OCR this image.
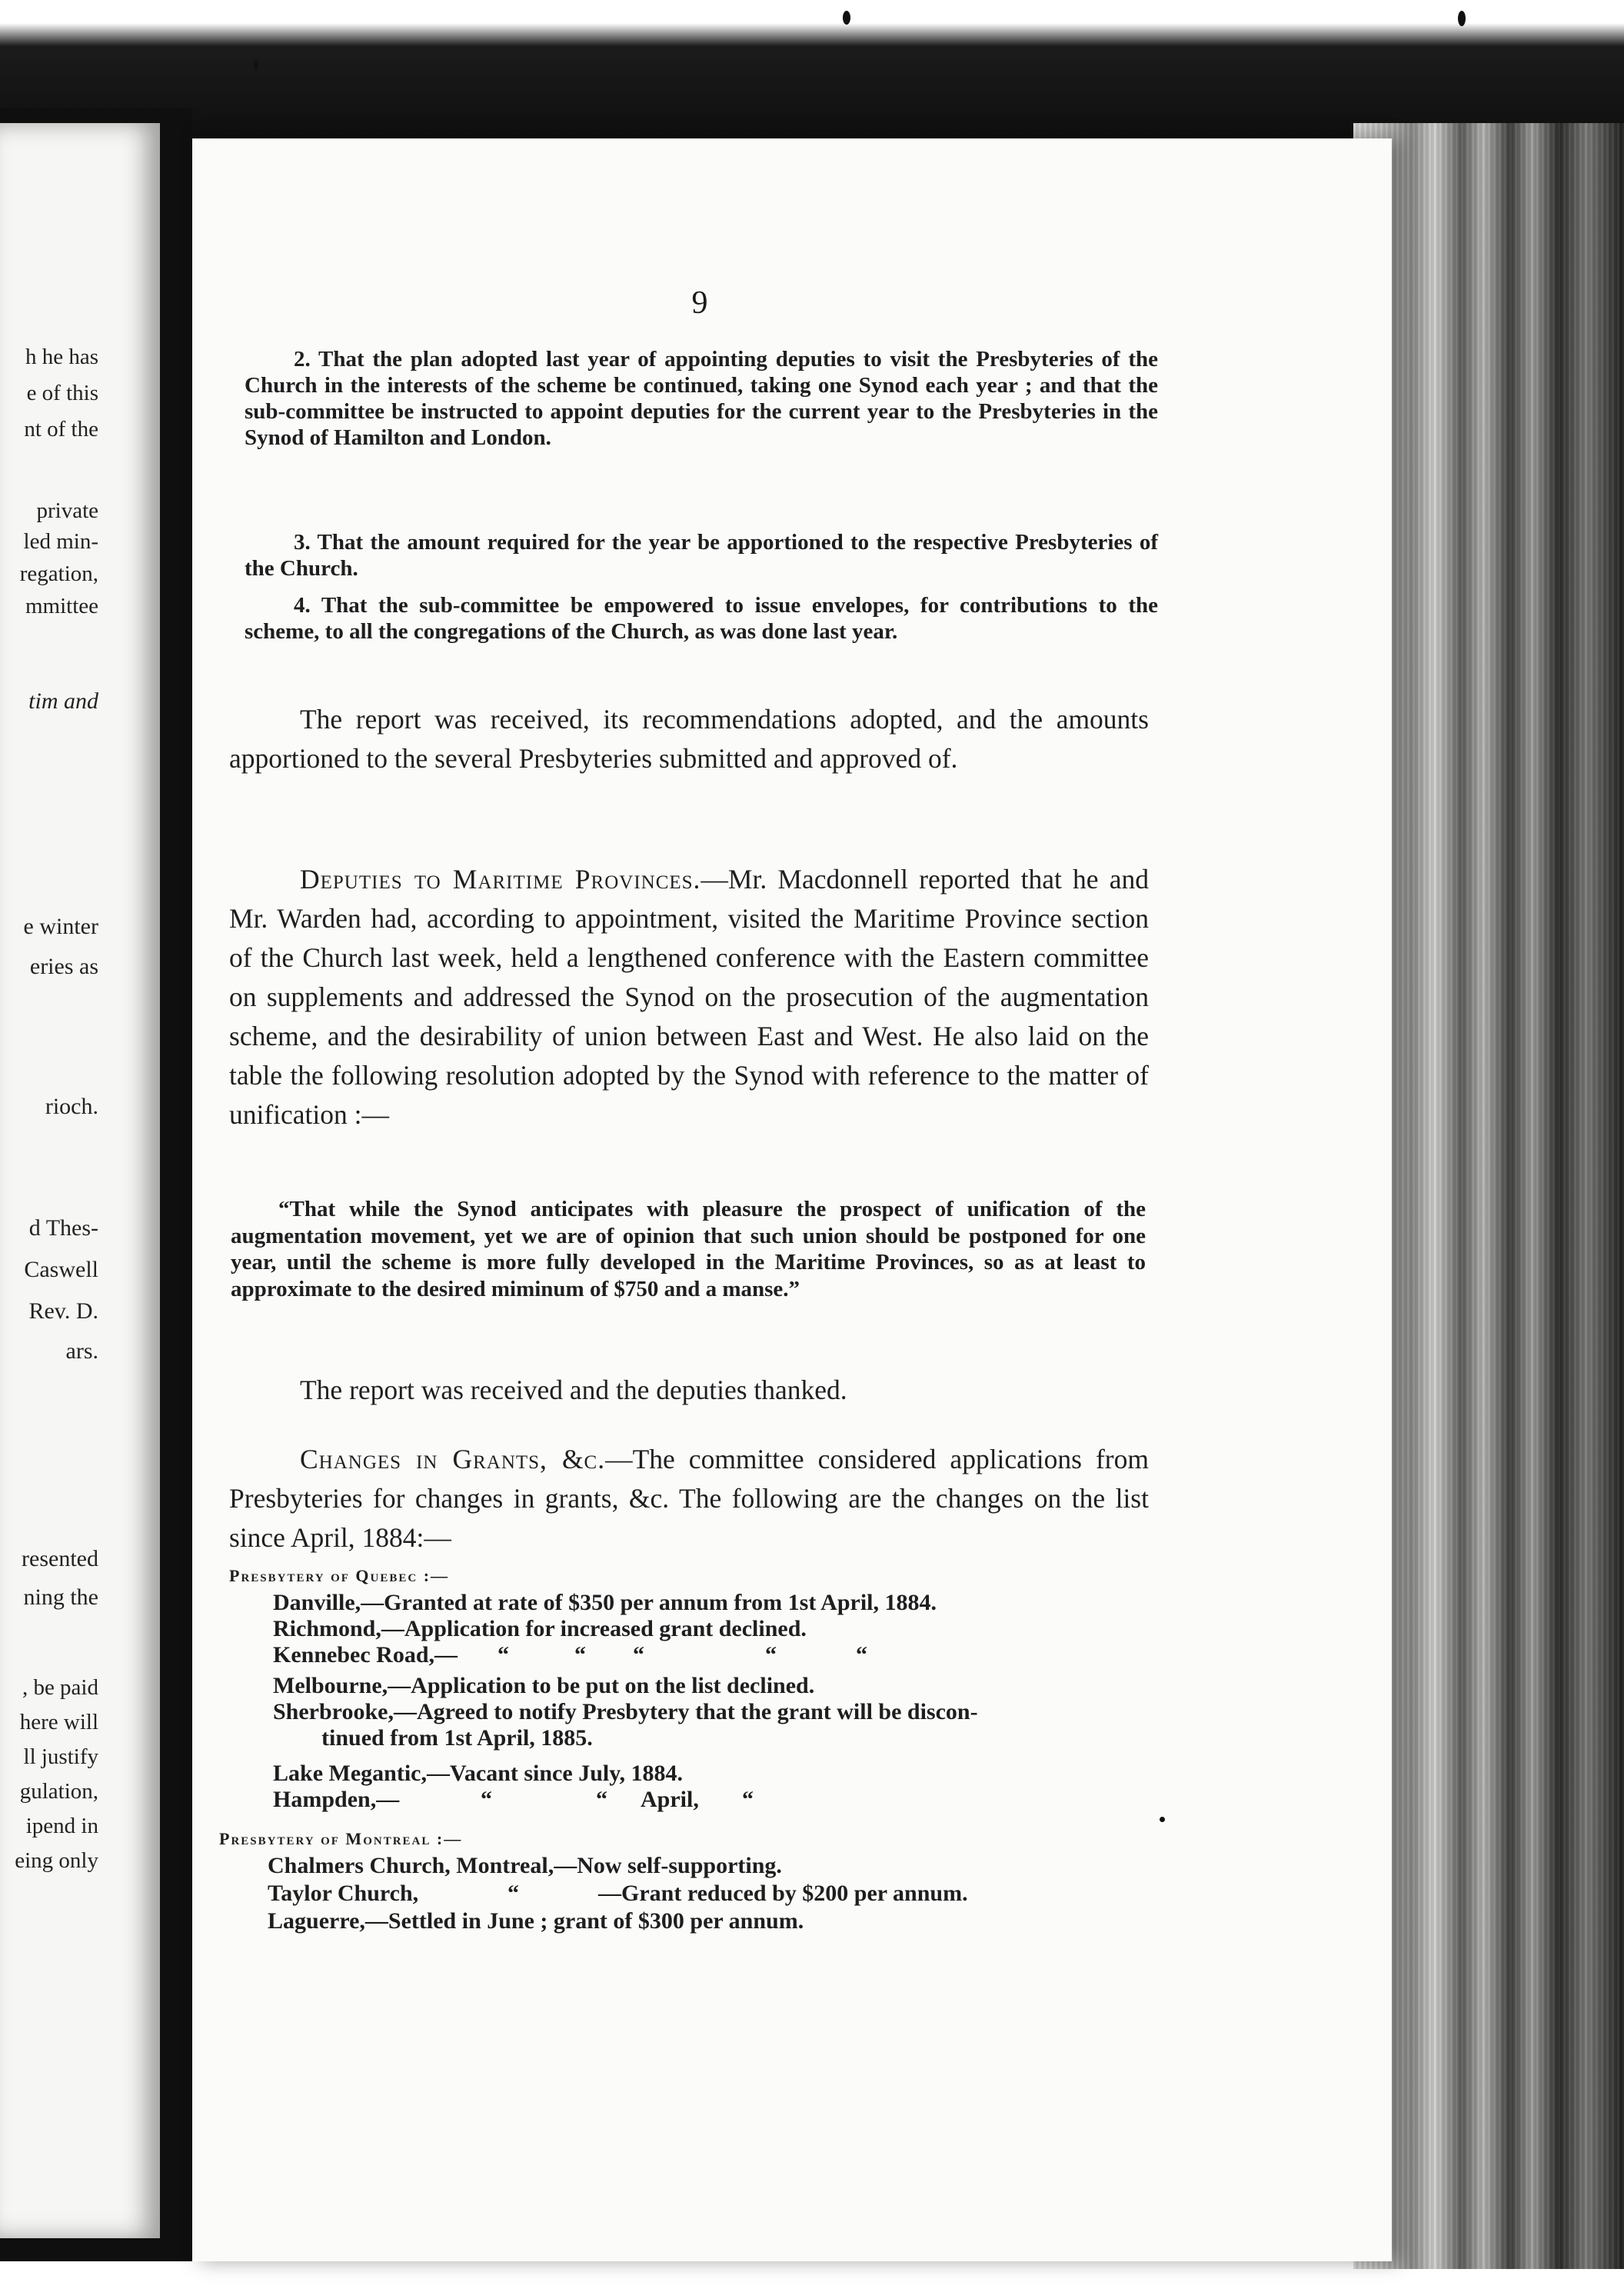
h he has
e of this
nt of the
private
led min-
regation,
mmittee
tim and
e winter
eries as
rioch.
d Thes-
Caswell
Rev. D.
ars.
resented
ning the
, be paid
here will
ll justify
gulation,
ipend in
eing only
9

2. That the plan adopted last year of appointing deputies to visit the Presbyteries of the Church in the interests of the scheme be continued, taking one Synod each year ; and that the sub-committee be instructed to appoint deputies for the current year to the Presbyteries in the Synod of Hamilton and London.

3. That the amount required for the year be apportioned to the respective Presbyteries of the Church.

4. That the sub-committee be empowered to issue envelopes, for contributions to the scheme, to all the congregations of the Church, as was done last year.

The report was received, its recommendations adopted, and the amounts apportioned to the several Presbyteries submitted and approved of.

Deputies to Maritime Provinces.—Mr. Macdonnell reported that he and Mr. Warden had, according to appointment, visited the Maritime Province section of the Church last week, held a lengthened conference with the Eastern committee on supplements and addressed the Synod on the prosecution of the augmentation scheme, and the desirability of union between East and West. He also laid on the table the following resolution adopted by the Synod with reference to the matter of unification :—

“That while the Synod anticipates with pleasure the prospect of unification of the augmentation movement, yet we are of opinion that such union should be postponed for one year, until the scheme is more fully developed in the Maritime Provinces, so as at least to approximate to the desired miminum of $750 and a manse.”

The report was received and the deputies thanked.

Changes in Grants, &c.—The committee considered applications from Presbyteries for changes in grants, &c. The following are the changes on the list since April, 1884:—

Presbytery of Quebec :—
Danville,—Granted at rate of $350 per annum from 1st April, 1884.
Richmond,—Application for increased grant declined.
Kennebec Road,— “	“ “	“	“
Melbourne,—Application to be put on the list declined.
Sherbrooke,—Agreed to notify Presbytery that the grant will be discon-
tinued from 1st April, 1885.
Lake Megantic,—Vacant since July, 1884.
Hampden,—	“	“ April, “
Presbytery of Montreal :—
Chalmers Church, Montreal,—Now self-supporting.
Taylor Church,	“	—Grant reduced by $200 per annum.
Laguerre,—Settled in June ; grant of $300 per annum.
